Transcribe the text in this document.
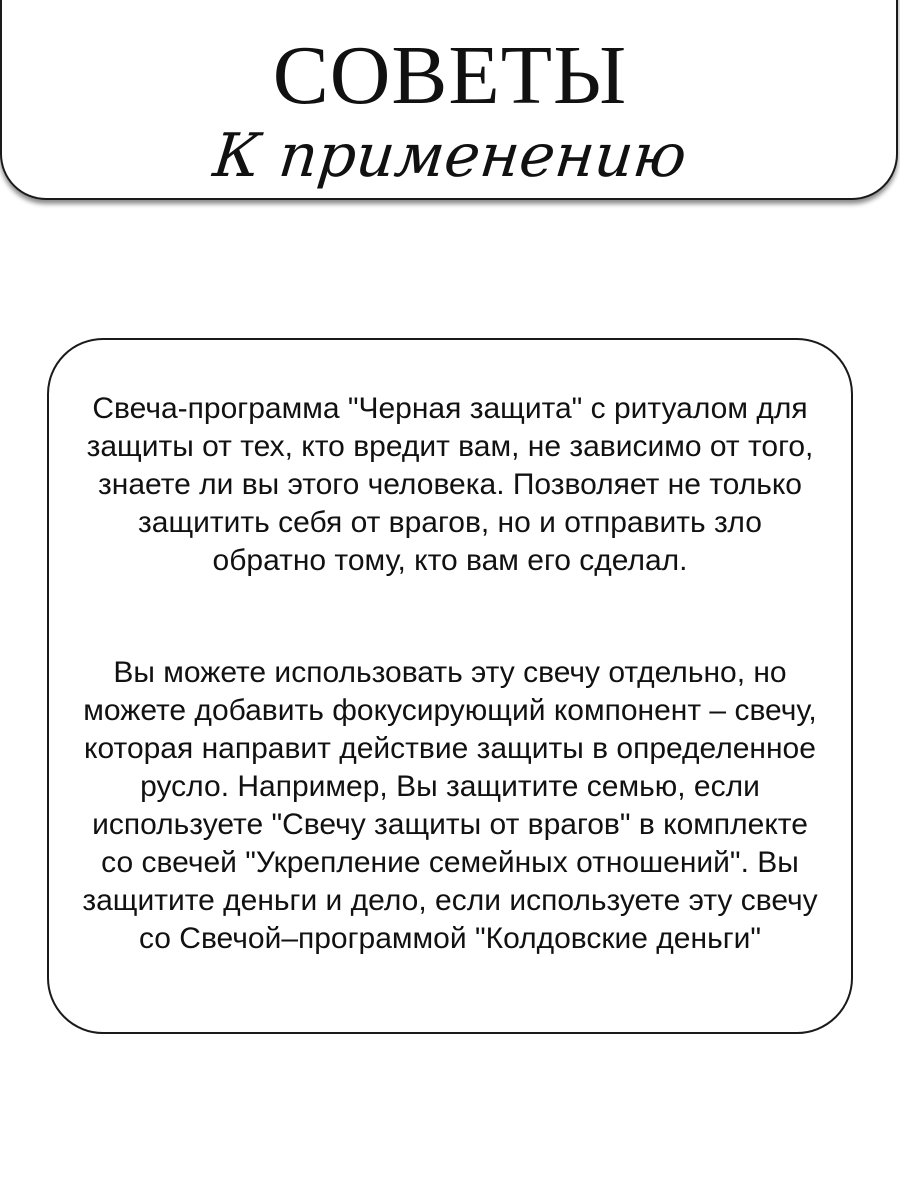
СОВЕТЫ
К применению

Свеча-программа "Черная защита" с ритуалом для защиты от тех, кто вредит вам, не зависимо от того, знаете ли вы этого человека. Позволяет не только защитить себя от врагов, но и отправить зло обратно тому, кто вам его сделал.

Вы можете использовать эту свечу отдельно, но можете добавить фокусирующий компонент – свечу, которая направит действие защиты в определенное русло. Например, Вы защитите семью, если используете "Свечу защиты от врагов" в комплекте со свечей "Укрепление семейных отношений". Вы защитите деньги и дело, если используете эту свечу со Свечой–программой "Колдовские деньги"
